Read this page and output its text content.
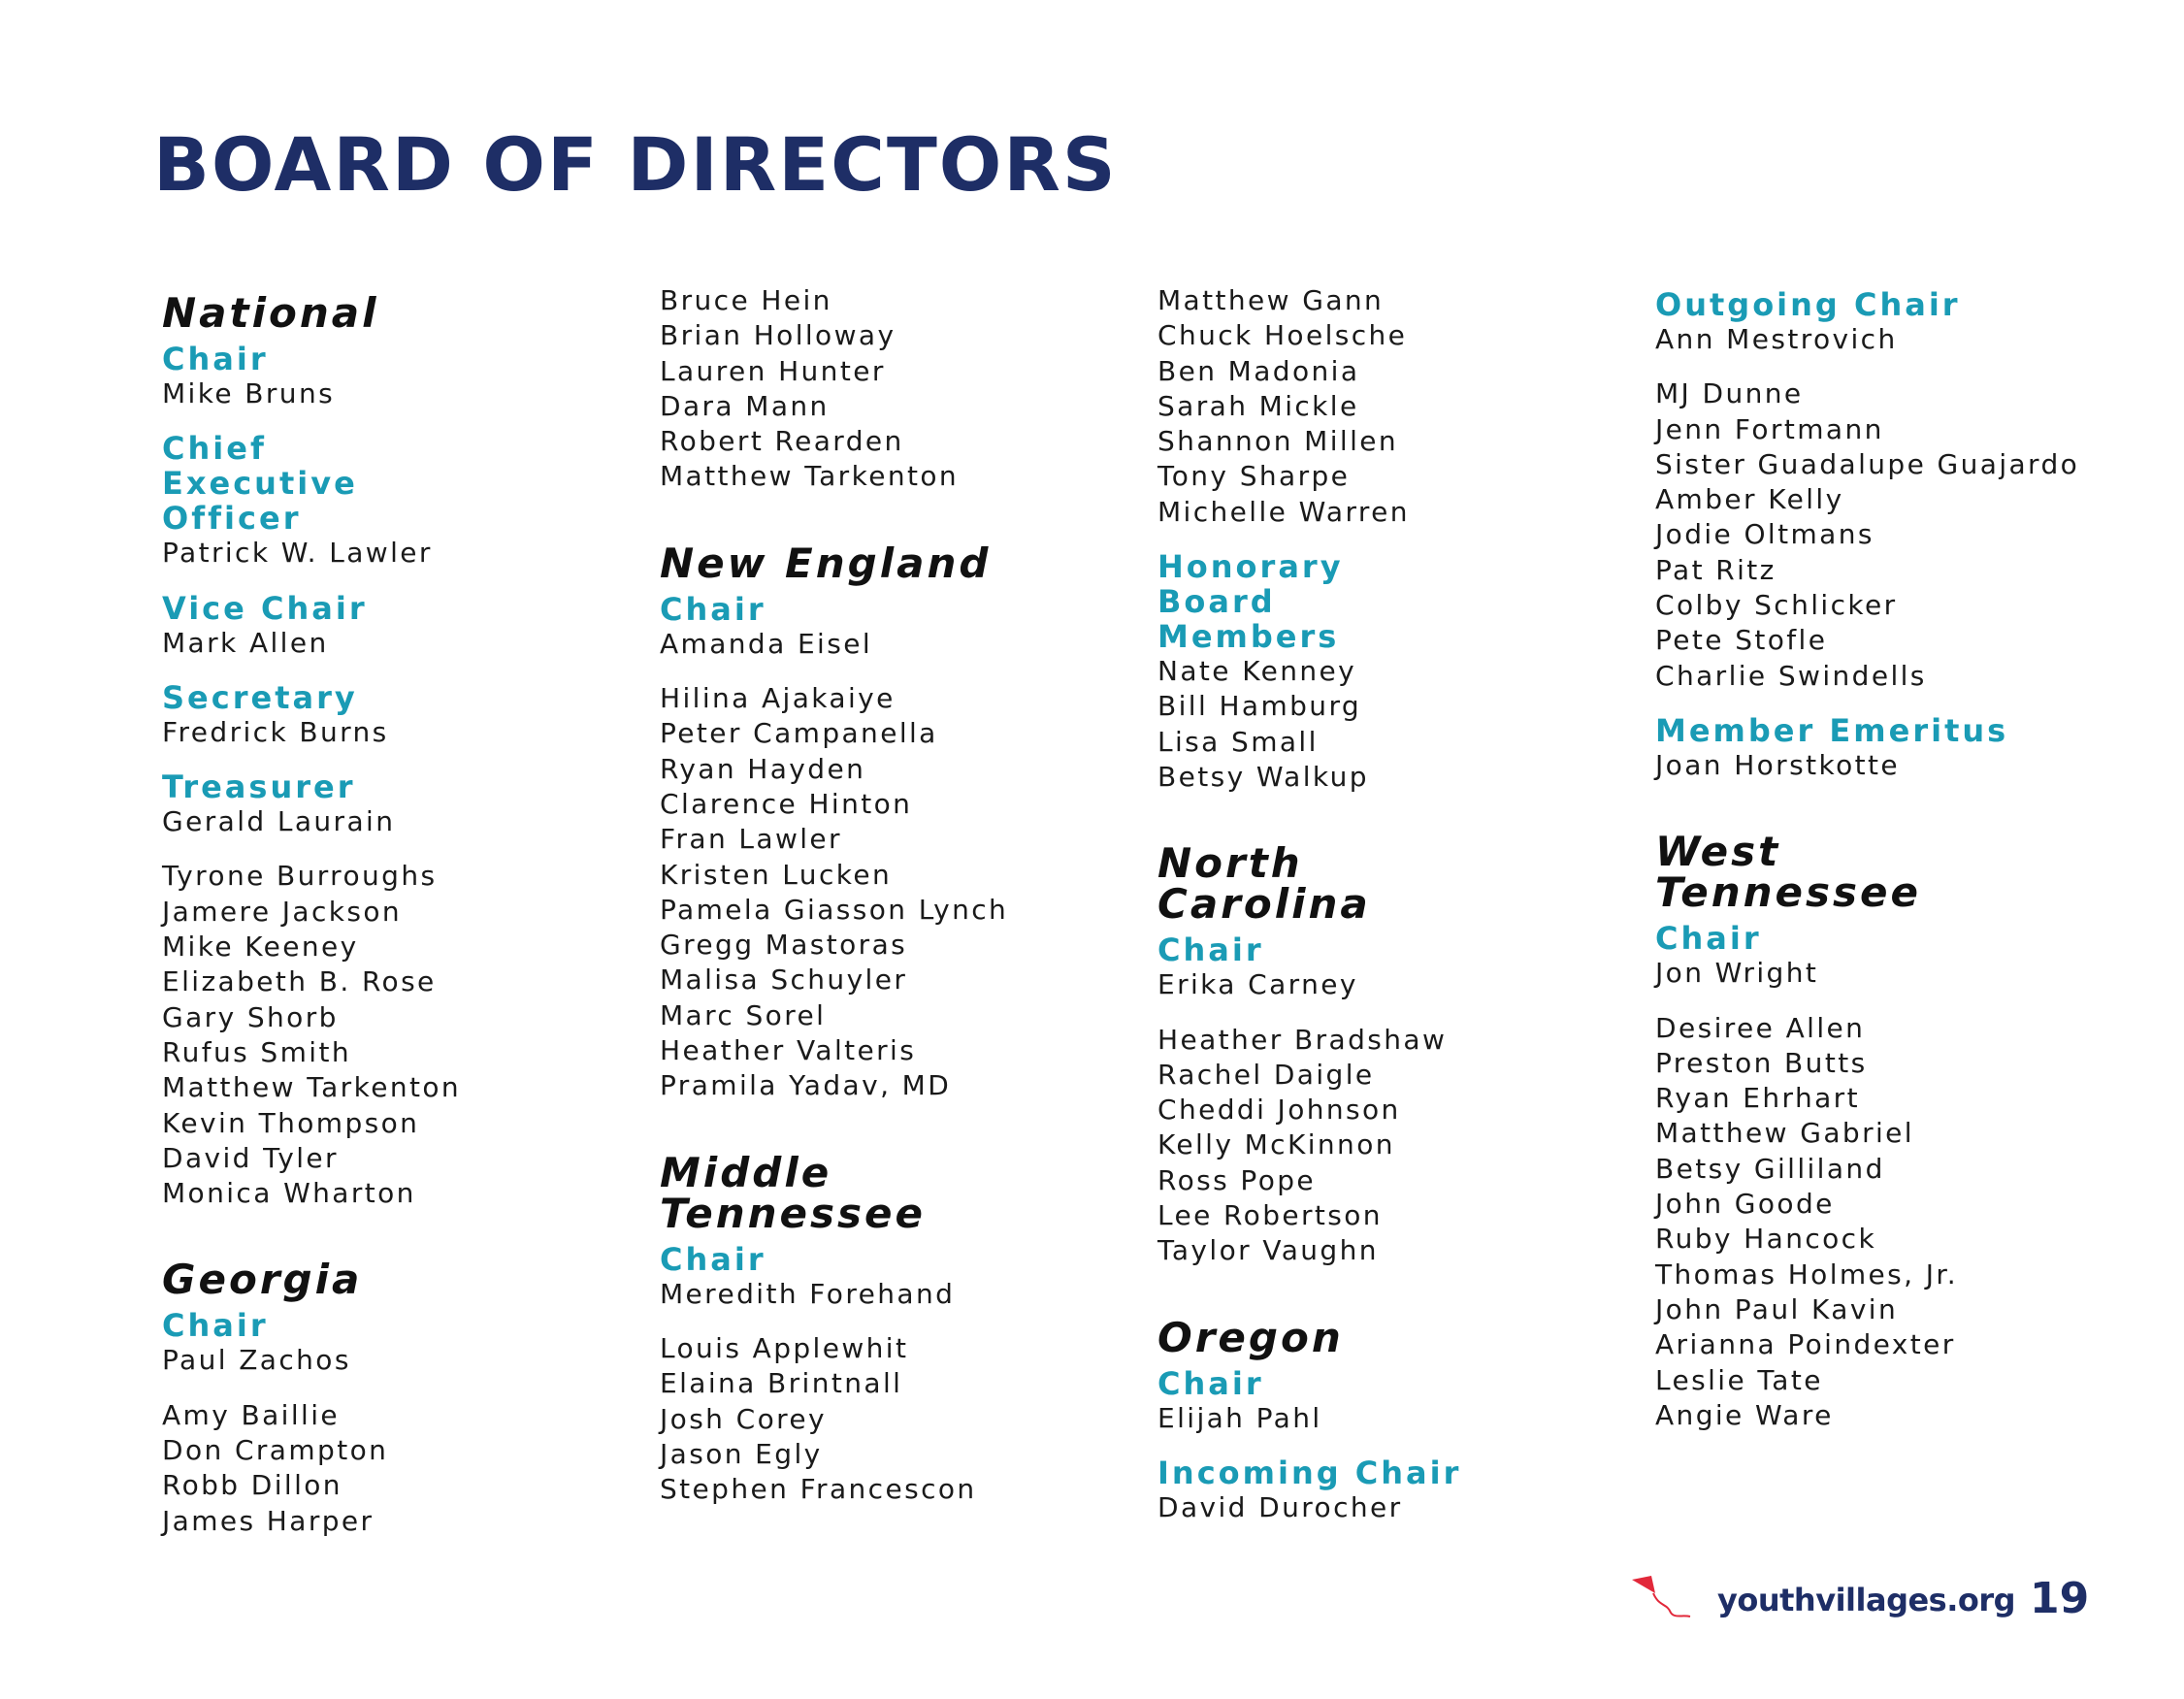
BOARD OF DIRECTORS
National

Chair

Mike Bruns

Chief Executive Officer

Patrick W. Lawler

Vice Chair

Mark Allen

Secretary

Fredrick Burns

Treasurer

Gerald Laurain

Tyrone Burroughs
Jamere Jackson
Mike Keeney
Elizabeth B. Rose
Gary Shorb
Rufus Smith
Matthew Tarkenton
Kevin Thompson
David Tyler
Monica Wharton
Georgia

Chair

Paul Zachos

Amy Baillie
Don Crampton
Robb Dillon
James Harper
Bruce Hein
Brian Holloway
Lauren Hunter
Dara Mann
Robert Rearden
Matthew Tarkenton
New England

Chair

Amanda Eisel

Hilina Ajakaiye
Peter Campanella
Ryan Hayden
Clarence Hinton
Fran Lawler
Kristen Lucken
Pamela Giasson Lynch
Gregg Mastoras
Malisa Schuyler
Marc Sorel
Heather Valteris
Pramila Yadav, MD
Middle Tennessee

Chair

Meredith Forehand

Louis Applewhit
Elaina Brintnall
Josh Corey
Jason Egly
Stephen Francescon
Matthew Gann
Chuck Hoelsche
Ben Madonia
Sarah Mickle
Shannon Millen
Tony Sharpe
Michelle Warren

Honorary Board Members

Nate Kenney
Bill Hamburg
Lisa Small
Betsy Walkup
North Carolina

Chair

Erika Carney

Heather Bradshaw
Rachel Daigle
Cheddi Johnson
Kelly McKinnon
Ross Pope
Lee Robertson
Taylor Vaughn
Oregon

Chair

Elijah Pahl

Incoming Chair

David Durocher

Outgoing Chair

Ann Mestrovich

MJ Dunne
Jenn Fortmann
Sister Guadalupe Guajardo
Amber Kelly
Jodie Oltmans
Pat Ritz
Colby Schlicker
Pete Stofle
Charlie Swindells

Member Emeritus

Joan Horstkotte

West Tennessee

Chair

Jon Wright

Desiree Allen
Preston Butts
Ryan Ehrhart
Matthew Gabriel
Betsy Gilliland
John Goode
Ruby Hancock
Thomas Holmes, Jr.
John Paul Kavin
Arianna Poindexter
Leslie Tate
Angie Ware
youthvillages.org 19
